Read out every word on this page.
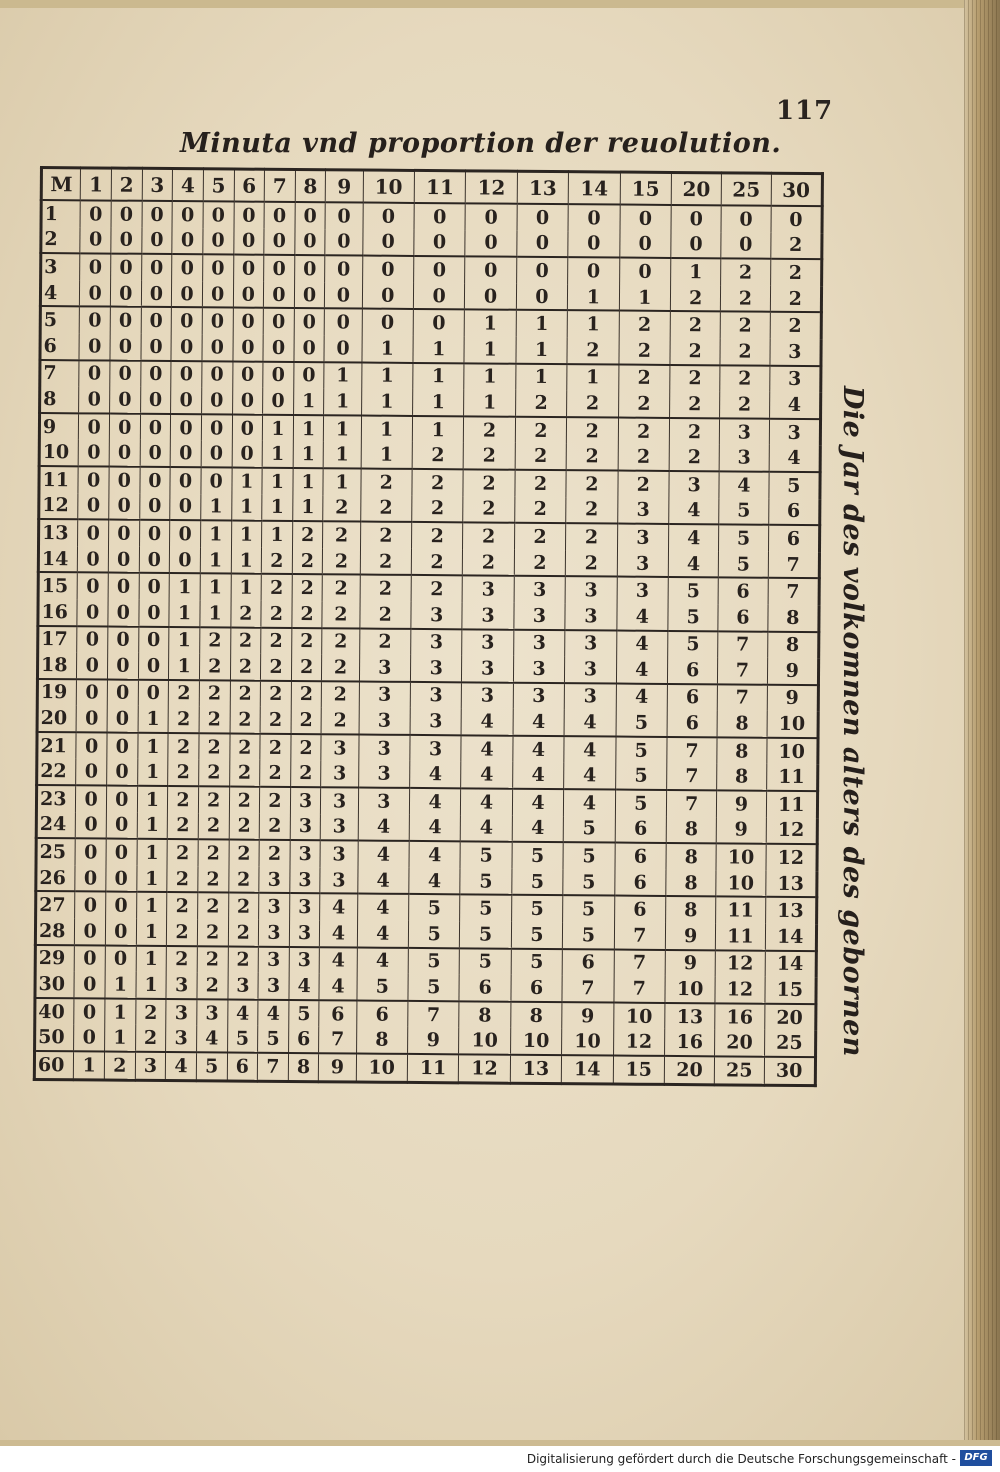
117
Minuta vnd proportion der reuolution.
Die Jar des volkomnen alters des gebornen
M	1	2	3	4	5	6	7	8	9	10	11	12	13	14	15	20	25	30
1	0	0	0	0	0	0	0	0	0	0	0	0	0	0	0	0	0	0
2	0	0	0	0	0	0	0	0	0	0	0	0	0	0	0	0	0	2
3	0	0	0	0	0	0	0	0	0	0	0	0	0	0	0	1	2	2
4	0	0	0	0	0	0	0	0	0	0	0	0	0	1	1	2	2	2
5	0	0	0	0	0	0	0	0	0	0	0	1	1	1	2	2	2	2
6	0	0	0	0	0	0	0	0	0	1	1	1	1	2	2	2	2	3
7	0	0	0	0	0	0	0	0	1	1	1	1	1	1	2	2	2	3
8	0	0	0	0	0	0	0	1	1	1	1	1	2	2	2	2	2	4
9	0	0	0	0	0	0	1	1	1	1	1	2	2	2	2	2	3	3
10	0	0	0	0	0	0	1	1	1	1	2	2	2	2	2	2	3	4
11	0	0	0	0	0	1	1	1	1	2	2	2	2	2	2	3	4	5
12	0	0	0	0	1	1	1	1	2	2	2	2	2	2	3	4	5	6
13	0	0	0	0	1	1	1	2	2	2	2	2	2	2	3	4	5	6
14	0	0	0	0	1	1	2	2	2	2	2	2	2	2	3	4	5	7
15	0	0	0	1	1	1	2	2	2	2	2	3	3	3	3	5	6	7
16	0	0	0	1	1	2	2	2	2	2	3	3	3	3	4	5	6	8
17	0	0	0	1	2	2	2	2	2	2	3	3	3	3	4	5	7	8
18	0	0	0	1	2	2	2	2	2	3	3	3	3	3	4	6	7	9
19	0	0	0	2	2	2	2	2	2	3	3	3	3	3	4	6	7	9
20	0	0	1	2	2	2	2	2	2	3	3	4	4	4	5	6	8	10
21	0	0	1	2	2	2	2	2	3	3	3	4	4	4	5	7	8	10
22	0	0	1	2	2	2	2	2	3	3	4	4	4	4	5	7	8	11
23	0	0	1	2	2	2	2	3	3	3	4	4	4	4	5	7	9	11
24	0	0	1	2	2	2	2	3	3	4	4	4	4	5	6	8	9	12
25	0	0	1	2	2	2	2	3	3	4	4	5	5	5	6	8	10	12
26	0	0	1	2	2	2	3	3	3	4	4	5	5	5	6	8	10	13
27	0	0	1	2	2	2	3	3	4	4	5	5	5	5	6	8	11	13
28	0	0	1	2	2	2	3	3	4	4	5	5	5	5	7	9	11	14
29	0	0	1	2	2	2	3	3	4	4	5	5	5	6	7	9	12	14
30	0	1	1	3	2	3	3	4	4	5	5	6	6	7	7	10	12	15
40	0	1	2	3	3	4	4	5	6	6	7	8	8	9	10	13	16	20
50	0	1	2	3	4	5	5	6	7	8	9	10	10	10	12	16	20	25
60	1	2	3	4	5	6	7	8	9	10	11	12	13	14	15	20	25	30
Digitalisierung gefördert durch die Deutsche Forschungsgemeinschaft - DFG
